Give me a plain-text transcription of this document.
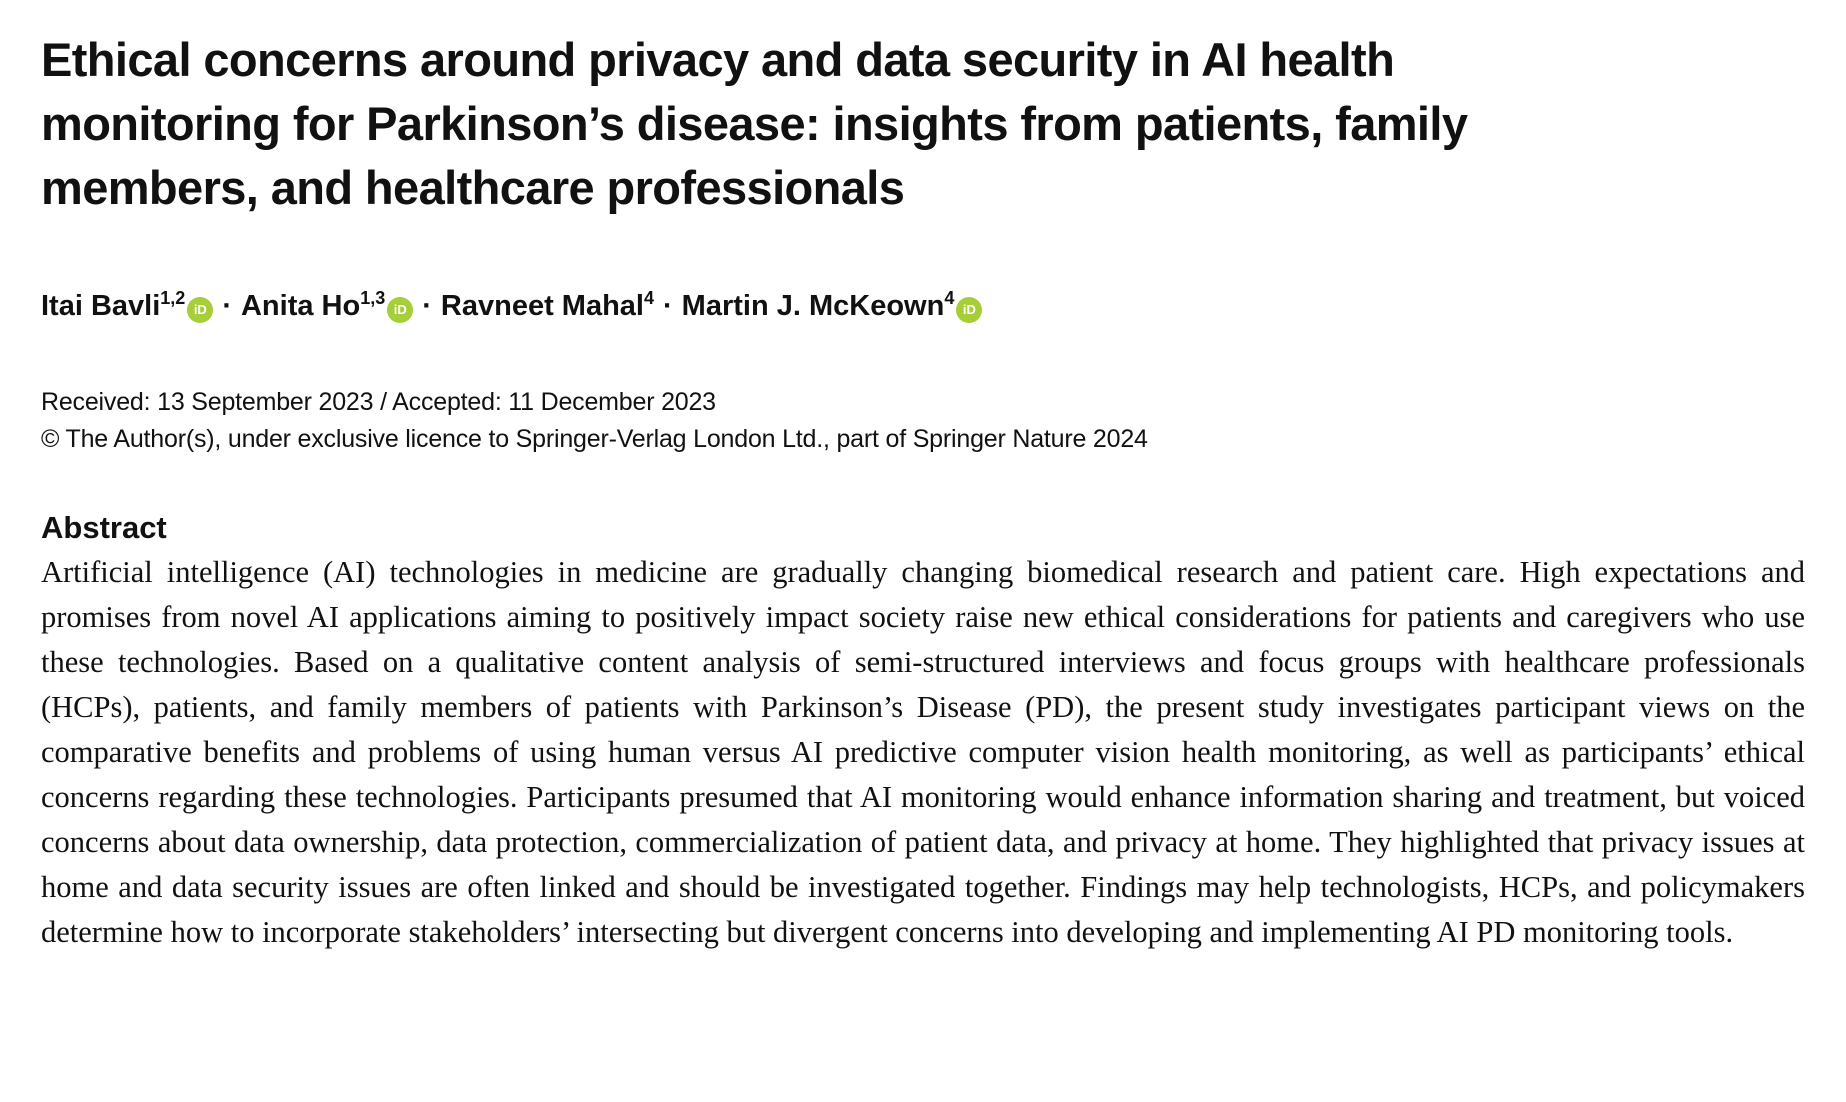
Ethical concerns around privacy and data security in AI health monitoring for Parkinson’s disease: insights from patients, family members, and healthcare professionals
Itai Bavli$^{1,2}$iD · Anita Ho$^{1,3}$iD · Ravneet Mahal$^4$ · Martin J. McKeown$^4$iD
Received: 13 September 2023 / Accepted: 11 December 2023
© The Author(s), under exclusive licence to Springer-Verlag London Ltd., part of Springer Nature 2024
Abstract
Artificial intelligence (AI) technologies in medicine are gradually changing biomedical research and patient care. High expectations and promises from novel AI applications aiming to positively impact society raise new ethical considerations for patients and caregivers who use these technologies. Based on a qualitative content analysis of semi-structured interviews and focus groups with healthcare professionals (HCPs), patients, and family members of patients with Parkinson’s Disease (PD), the present study investigates participant views on the comparative benefits and problems of using human versus AI predictive computer vision health monitoring, as well as participants’ ethical concerns regarding these technologies. Participants presumed that AI monitoring would enhance information sharing and treatment, but voiced concerns about data ownership, data protection, commercialization of patient data, and privacy at home. They highlighted that privacy issues at home and data security issues are often linked and should be investigated together. Findings may help technologists, HCPs, and policymakers determine how to incorporate stakeholders’ intersecting but divergent concerns into developing and implementing AI PD monitoring tools.
